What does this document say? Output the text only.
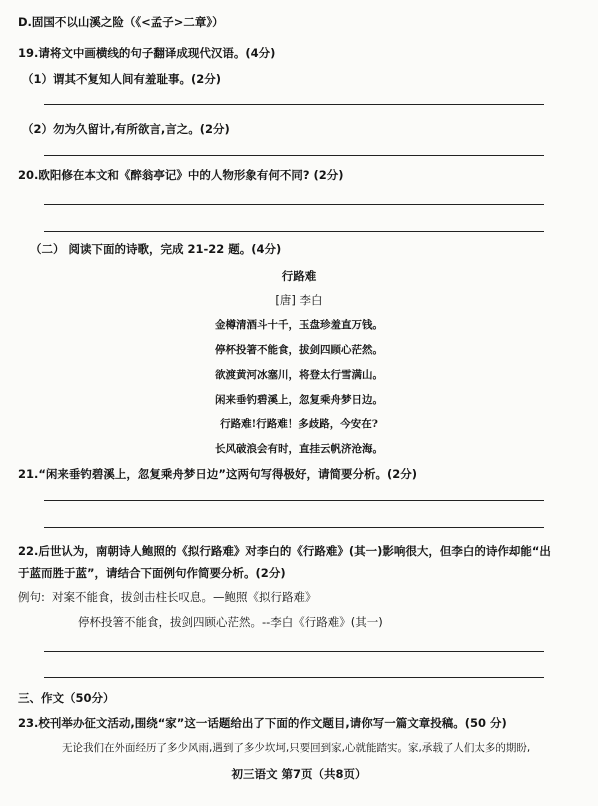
D.固国不以山溪之险（《<孟子>二章》）
19.请将文中画横线的句子翻译成现代汉语。(4分)
（1）谓其不复知人间有羞耻事。(2分)
（2）勿为久留计,有所欲言,言之。(2分)
20.欧阳修在本文和《醉翁亭记》中的人物形象有何不同? (2分)
（二） 阅读下面的诗歌，完成 21-22 题。(4分)
行路难
[唐] 李白
金樽清酒斗十千，玉盘珍羞直万钱。
停杯投箸不能食，拔剑四顾心茫然。
欲渡黄河冰塞川，将登太行雪满山。
闲来垂钓碧溪上，忽复乘舟梦日边。
行路难!行路难！多歧路，今安在?
长风破浪会有时，直挂云帆济沧海。
21.“闲来垂钓碧溪上，忽复乘舟梦日边”这两句写得极好，请简要分析。(2分)
22.后世认为，南朝诗人鲍照的《拟行路难》对李白的《行路难》(其一)影响很大，但李白的诗作却能“出
于蓝而胜于蓝”，请结合下面例句作简要分析。(2分)
例句: 对案不能食，拔剑击柱长叹息。—鲍照《拟行路难》
停杯投箸不能食，拔剑四顾心茫然。--李白《行路难》(其一)
三、作文（50分）
23.校刊举办征文活动,围绕“家”这一话题给出了下面的作文题目,请你写一篇文章投稿。(50 分)
无论我们在外面经历了多少风雨,遇到了多少坎坷,只要回到家,心就能踏实。家,承载了人们太多的期盼,
初三语文 第7页（共8页）
